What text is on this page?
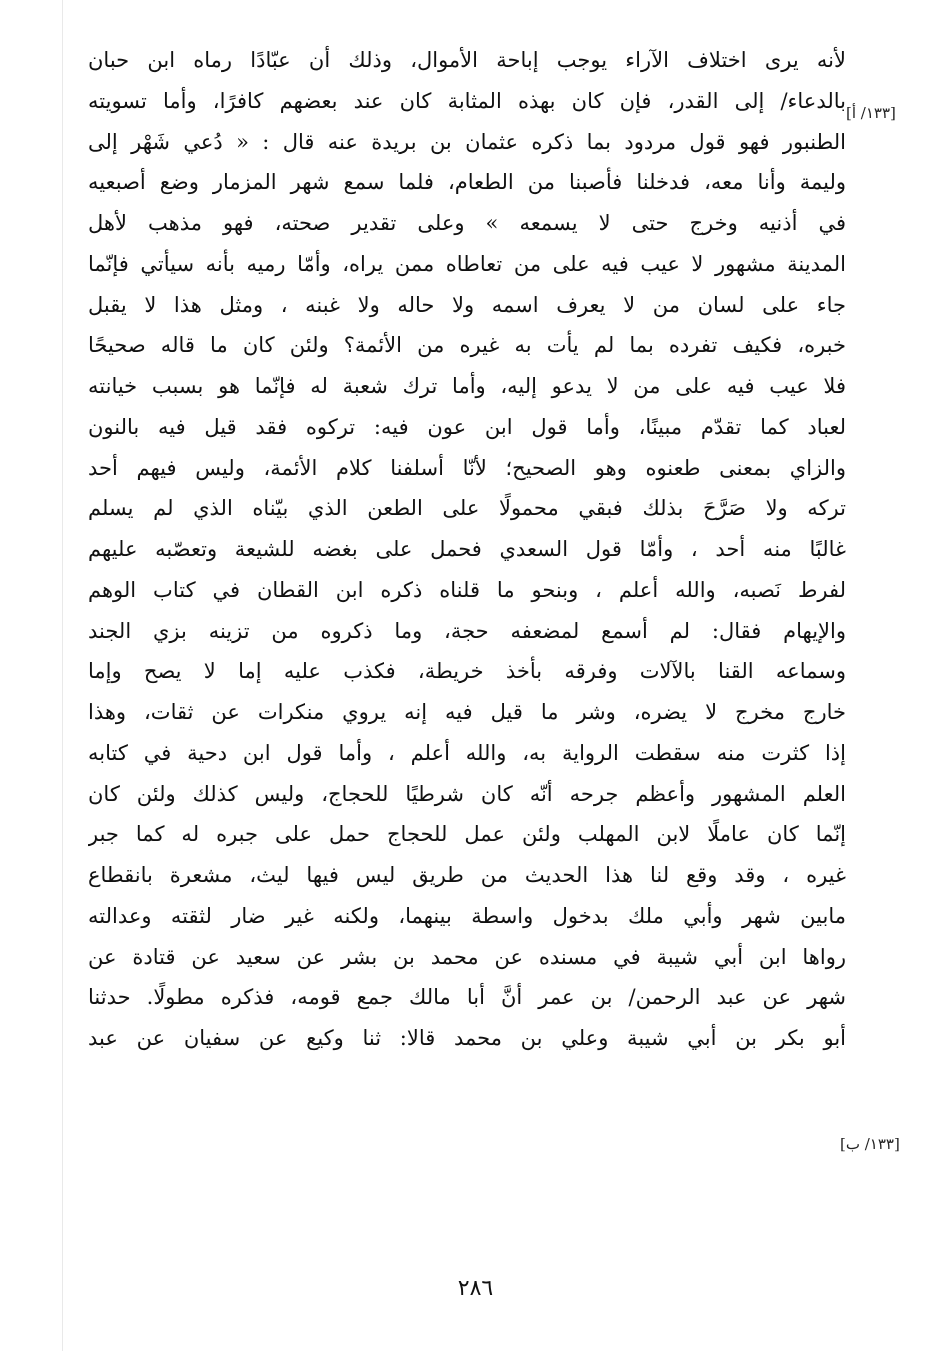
لأنه يرى اختلاف الآراء يوجب إباحة الأموال، وذلك أن عبّادًا رماه ابن حبان
بالدعاء/ إلى القدر، فإن كان بهذه المثابة كان عند بعضهم كافرًا، وأما تسويته
الطنبور فهو قول مردود بما ذكره عثمان بن بريدة عنه قال : « دُعي شَهْر إلى
وليمة وأنا معه، فدخلنا فأصبنا من الطعام، فلما سمع شهر المزمار وضع أصبعيه
في أذنيه وخرج حتى لا يسمعه » وعلى تقدير صحته، فهو مذهب لأهل
المدينة مشهور لا عيب فيه على من تعاطاه ممن يراه، وأمّا رميه بأنه سيأتي فإنّما
جاء على لسان من لا يعرف اسمه ولا حاله ولا غبنه ، ومثل هذا لا يقبل
خبره، فكيف تفرده بما لم يأت به غيره من الأئمة؟ ولئن كان ما قاله صحيحًا
فلا عيب فيه على من لا يدعو إليه، وأما ترك شعبة له فإنّما هو بسبب خيانته
لعباد كما تقدّم مبينًا، وأما قول ابن عون فيه: تركوه فقد قيل فيه بالنون
والزاي بمعنى طعنوه وهو الصحيح؛ لأنّا أسلفنا كلام الأئمة، وليس فيهم أحد
تركه ولا صَرَّحَ بذلك فبقي محمولًا على الطعن الذي بيّناه الذي لم يسلم
غالبًا منه أحد ، وأمّا قول السعدي فحمل على بغضه للشيعة وتعصّبه عليهم
لفرط نَصبه، والله أعلم ، وبنحو ما قلناه ذكره ابن القطان في كتاب الوهم
والإيهام فقال: لم أسمع لمضعفه حجة، وما ذكروه من تزينه بزي الجند
وسماعه القنا بالآلات وفرقه بأخذ خريطة، فكذب عليه إما لا يصح وإما
خارج مخرج لا يضره، وشر ما قيل فيه إنه يروي منكرات عن ثقات، وهذا
إذا كثرت منه سقطت الرواية به، والله أعلم ، وأما قول ابن دحية في كتابه
العلم المشهور وأعظم جرحه أنّه كان شرطيًا للحجاج، وليس كذلك ولئن كان
إنّما كان عاملًا لابن المهلب ولئن عمل للحجاج حمل على جبره له كما جبر
غيره ، وقد وقع لنا هذا الحديث من طريق ليس فيها ليث، مشعرة بانقطاع
مابين شهر وأبي ملك بدخول واسطة بينهما، ولكنه غير ضار لثقته وعدالته
رواها ابن أبي شيبة في مسنده عن محمد بن بشر عن سعيد عن قتادة عن
شهر عن عبد الرحمن/ بن عمر أنَّ أبا مالك جمع قومه، فذكره مطولًا. حدثنا
أبو بكر بن أبي شيبة وعلي بن محمد قالا: ثنا وكيع عن سفيان عن عبد
[١٣٣/ أ]
[١٣٣/ ب]
٢٨٦
